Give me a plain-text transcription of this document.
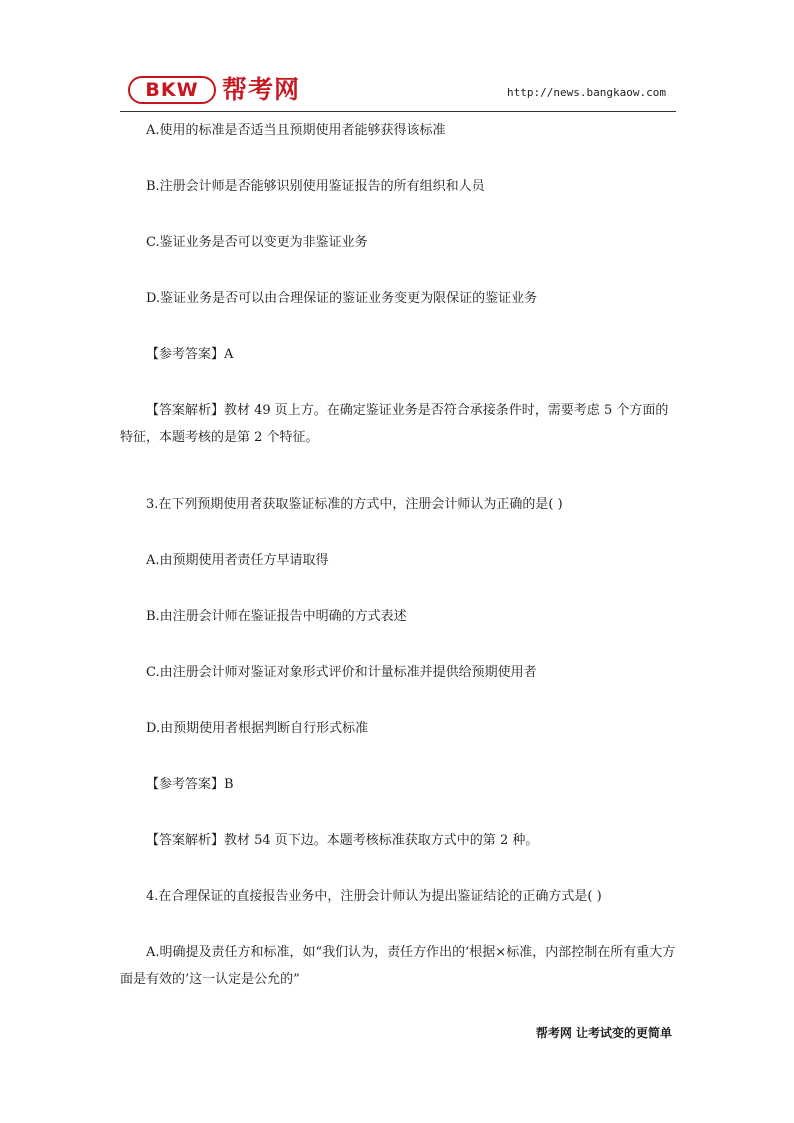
BKW 帮考网	http://news.bangkaow.com
A.使用的标准是否适当且预期使用者能够获得该标准
B.注册会计师是否能够识别使用鉴证报告的所有组织和人员
C.鉴证业务是否可以变更为非鉴证业务
D.鉴证业务是否可以由合理保证的鉴证业务变更为限保证的鉴证业务
【参考答案】A
【答案解析】教材 49 页上方。在确定鉴证业务是否符合承接条件时，需要考虑 5 个方面的特征，本题考核的是第 2 个特征。
3.在下列预期使用者获取鉴证标准的方式中，注册会计师认为正确的是( )
A.由预期使用者责任方早请取得
B.由注册会计师在鉴证报告中明确的方式表述
C.由注册会计师对鉴证对象形式评价和计量标准并提供给预期使用者
D.由预期使用者根据判断自行形式标准
【参考答案】B
【答案解析】教材 54 页下边。本题考核标准获取方式中的第 2 种。
4.在合理保证的直接报告业务中，注册会计师认为提出鉴证结论的正确方式是( )
A.明确提及责任方和标准，如“我们认为，责任方作出的‘根据×标准，内部控制在所有重大方面是有效的’这一认定是公允的”
帮考网 让考试变的更简单
